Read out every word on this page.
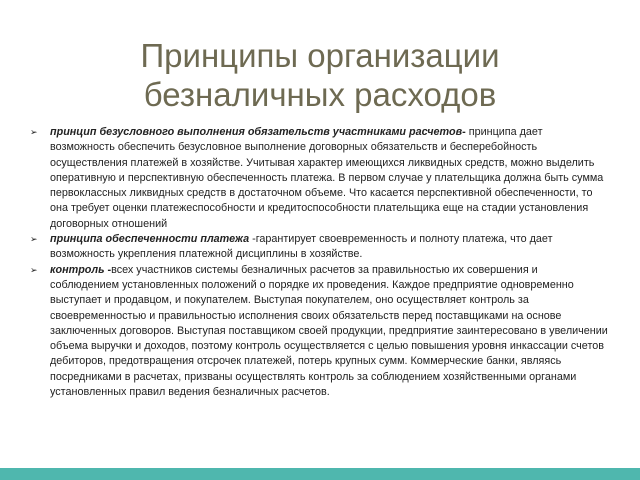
Принципы организации
безналичных расходов
➢ принцип безусловного выполнения обязательств участниками расчетов- принципа дает возможность обеспечить безусловное выполнение договорных обязательств и бесперебойность осуществления платежей в хозяйстве. Учитывая характер имеющихся ликвидных средств, можно выделить оперативную и перспективную обеспеченность платежа. В первом случае у плательщика должна быть сумма первоклассных ликвидных средств в достаточном объеме. Что касается перспективной обеспеченности, то она требует оценки платежеспособности и кредитоспособности плательщика еще на стадии установления договорных отношений
➢ принципа обеспеченности платежа -гарантирует своевременность и полноту платежа, что дает возможность укрепления платежной дисциплины в хозяйстве.
➢ контроль -всех участников системы безналичных расчетов за правильностью их совершения и соблюдением установленных положений о порядке их проведения. Каждое предприятие одновременно выступает и продавцом, и покупателем. Выступая покупателем, оно осуществляет контроль за своевременностью и правильностью исполнения своих обязательств перед поставщиками на основе заключенных договоров. Выступая поставщиком своей продукции, предприятие заинтересовано в увеличении объема выручки и доходов, поэтому контроль осуществляется с целью повышения уровня инкассации счетов дебиторов, предотвращения отсрочек платежей, потерь крупных сумм. Коммерческие банки, являясь посредниками в расчетах, призваны осуществлять контроль за соблюдением хозяйственными органами установленных правил ведения безналичных расчетов.
